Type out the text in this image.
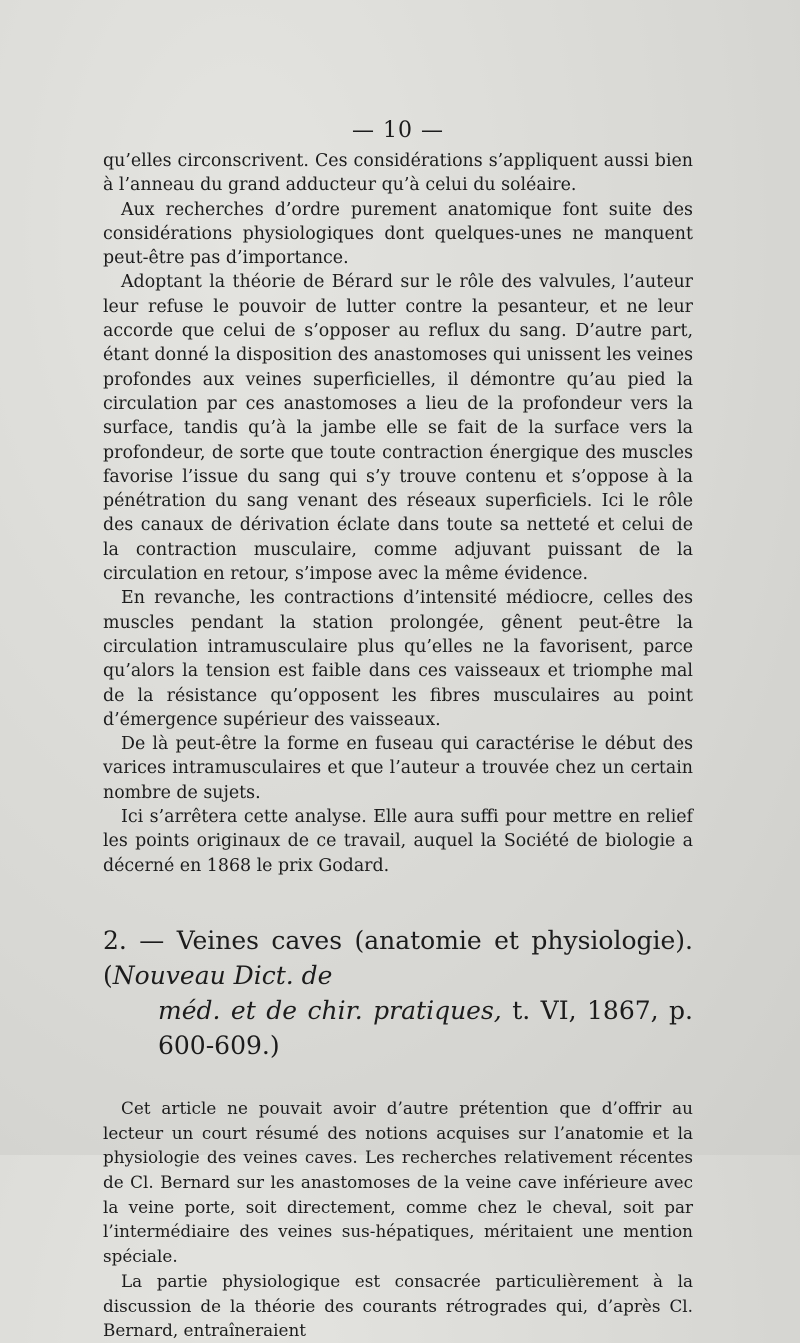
— 10 —

qu’elles circonscrivent. Ces considérations s’appliquent aussi bien à l’anneau du grand adducteur qu’à celui du soléaire.

Aux recherches d’ordre purement anatomique font suite des considérations physiologiques dont quelques-unes ne manquent peut-être pas d’importance.

Adoptant la théorie de Bérard sur le rôle des valvules, l’auteur leur refuse le pouvoir de lutter contre la pesanteur, et ne leur accorde que celui de s’opposer au reflux du sang. D’autre part, étant donné la disposition des anastomoses qui unissent les veines profondes aux veines superficielles, il démontre qu’au pied la circulation par ces anastomoses a lieu de la profondeur vers la surface, tandis qu’à la jambe elle se fait de la surface vers la profondeur, de sorte que toute contraction énergique des muscles favorise l’issue du sang qui s’y trouve contenu et s’oppose à la pénétration du sang venant des réseaux superficiels. Ici le rôle des canaux de dérivation éclate dans toute sa netteté et celui de la contraction musculaire, comme adjuvant puissant de la circulation en retour, s’impose avec la même évidence.

En revanche, les contractions d’intensité médiocre, celles des muscles pendant la station prolongée, gênent peut-être la circulation intramusculaire plus qu’elles ne la favorisent, parce qu’alors la tension est faible dans ces vaisseaux et triomphe mal de la résistance qu’opposent les fibres musculaires au point d’émergence supérieur des vaisseaux.

De là peut-être la forme en fuseau qui caractérise le début des varices intramusculaires et que l’auteur a trouvée chez un certain nombre de sujets.

Ici s’arrêtera cette analyse. Elle aura suffi pour mettre en relief les points originaux de ce travail, auquel la Société de biologie a décerné en 1868 le prix Godard.

2. — Veines caves (anatomie et physiologie). (Nouveau Dict. de
méd. et de chir. pratiques, t. VI, 1867, p. 600-609.)

Cet article ne pouvait avoir d’autre prétention que d’offrir au lecteur un court résumé des notions acquises sur l’anatomie et la physiologie des veines caves. Les recherches relativement récentes de Cl. Bernard sur les anastomoses de la veine cave inférieure avec la veine porte, soit directement, comme chez le cheval, soit par l’intermédiaire des veines sus-hépatiques, méritaient une mention spéciale.

La partie physiologique est consacrée particulièrement à la discussion de la théorie des courants rétrogrades qui, d’après Cl. Bernard, entraîneraient
